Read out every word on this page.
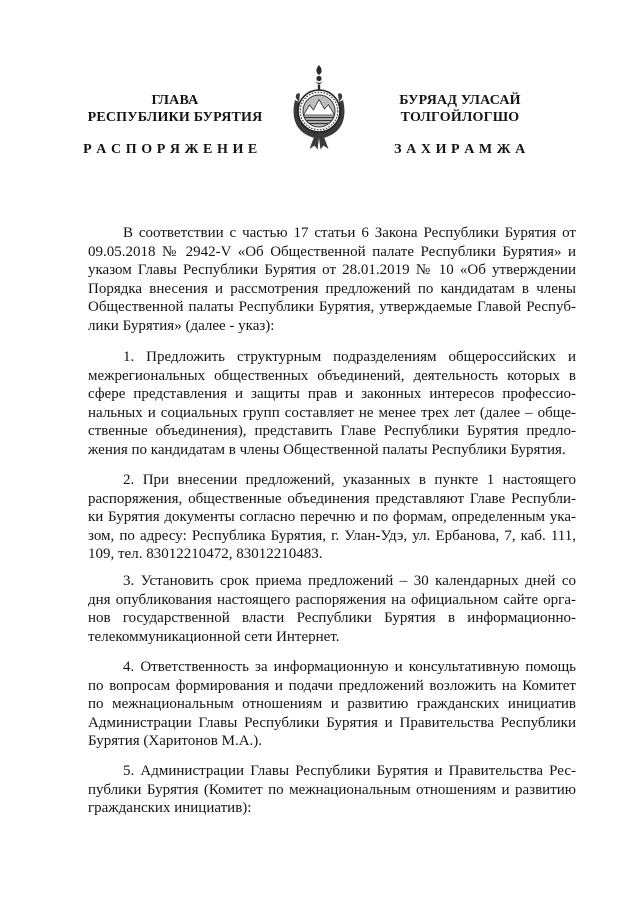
ГЛАВА
РЕСПУБЛИКИ БУРЯТИЯ
Р А С П О Р Я Ж Е Н И Е
БУРЯАД УЛАСАЙ
ТОЛГОЙЛОГШО
З А Х И Р А М Ж А
В соответствии с частью 17 статьи 6 Закона Республики Бурятия от
09.05.2018 № 2942-V «Об Общественной палате Республики Бурятия» и
указом Главы Республики Бурятия от 28.01.2019 № 10 «Об утверждении
Порядка внесения и рассмотрения предложений по кандидатам в члены
Общественной палаты Республики Бурятия, утверждаемые Главой Респуб-
лики Бурятия» (далее - указ):
1. Предложить структурным подразделениям общероссийских и
межрегиональных общественных объединений, деятельность которых в
сфере представления и защиты прав и законных интересов профессио-
нальных и социальных групп составляет не менее трех лет (далее – обще-
ственные объединения), представить Главе Республики Бурятия предло-
жения по кандидатам в члены Общественной палаты Республики Бурятия.
2. При внесении предложений, указанных в пункте 1 настоящего
распоряжения, общественные объединения представляют Главе Республи-
ки Бурятия документы согласно перечню и по формам, определенным ука-
зом, по адресу: Республика Бурятия, г. Улан-Удэ, ул. Ербанова, 7, каб. 111,
109, тел. 83012210472, 83012210483.
3. Установить срок приема предложений – 30 календарных дней со
дня опубликования настоящего распоряжения на официальном сайте орга-
нов государственной власти Республики Бурятия в информационно-
телекоммуникационной сети Интернет.
4. Ответственность за информационную и консультативную помощь
по вопросам формирования и подачи предложений возложить на Комитет
по межнациональным отношениям и развитию гражданских инициатив
Администрации Главы Республики Бурятия и Правительства Республики
Бурятия (Харитонов М.А.).
5. Администрации Главы Республики Бурятия и Правительства Рес-
публики Бурятия (Комитет по межнациональным отношениям и развитию
гражданских инициатив):
